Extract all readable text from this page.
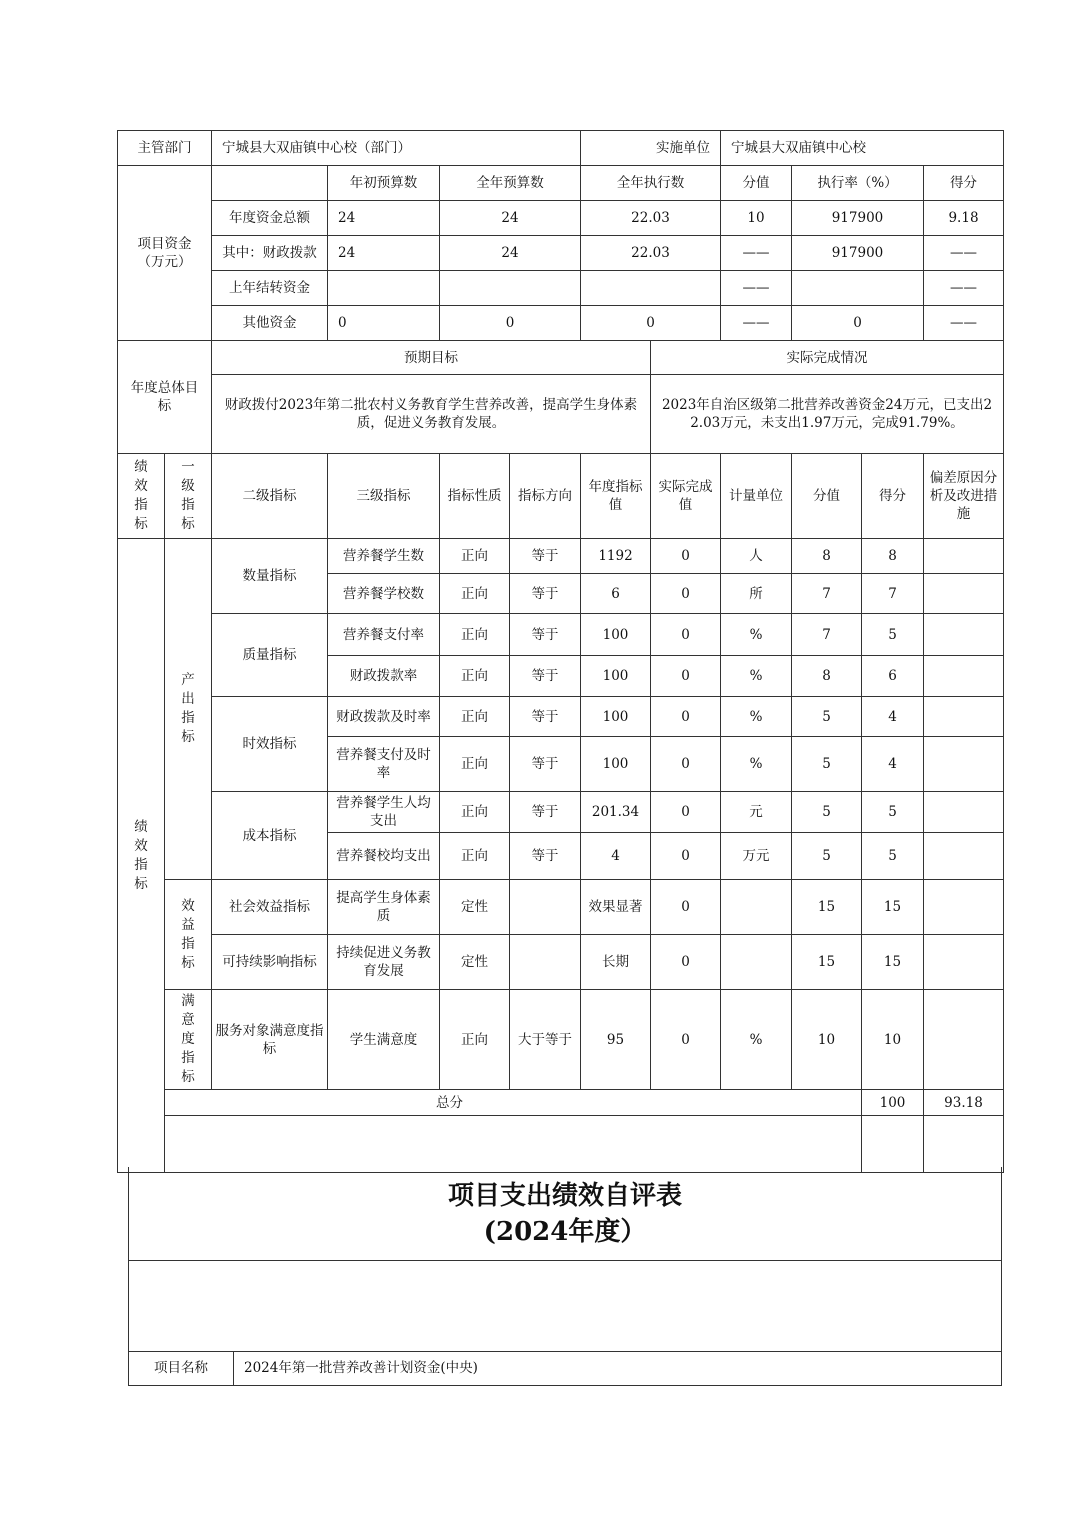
主管部门		宁城县大双庙镇中心校（部门）				实施单位		宁城县大双庙镇中心校				
项目资金（万元）			年初预算数	全年预算数		全年执行数		分值	执行率（%）		得分	
		年度资金总额	24	24		22.03		10	917900		9.18	
		其中：财政拨款	24	24		22.03		——	917900		——	
		上年结转资金						——			——	
		其他资金	0	0		0		——	0		——	
年度总体目标		预期目标					实际完成情况					
		财政拨付2023年第二批农村义务教育学生营养改善，提高学生身体素质，促进义务教育发展。					2023年自治区级第二批营养改善资金24万元，已支出22.03万元，未支出1.97万元，完成91.79%。					
绩效指标	一级指标	二级指标	三级指标	指标性质	指标方向	年度指标值	实际完成值	计量单位	分值	得分	偏差原因分析及改进措施	
绩效指标	产出指标	数量指标	营养餐学生数	正向	等于	1192	0	人	8	8		
			营养餐学校数	正向	等于	6	0	所	7	7		
		质量指标	营养餐支付率	正向	等于	100	0	%	7	5		
			财政拨款率	正向	等于	100	0	%	8	6		
		时效指标	财政拨款及时率	正向	等于	100	0	%	5	4		
			营养餐支付及时率	正向	等于	100	0	%	5	4		
		成本指标	营养餐学生人均支出	正向	等于	201.34	0	元	5	5		
			营养餐校均支出	正向	等于	4	0	万元	5	5		
	效益指标	社会效益指标	提高学生身体素质	定性		效果显著	0		15	15		
		可持续影响指标	持续促进义务教育发展	定性		长期	0		15	15		
	满意度指标	服务对象满意度指标	学生满意度	正向	大于等于	95	0	%	10	10		
	总分									100	93.18	

项目支出绩效自评表
(2024年度）

项目名称	2024年第一批营养改善计划资金(中央)
